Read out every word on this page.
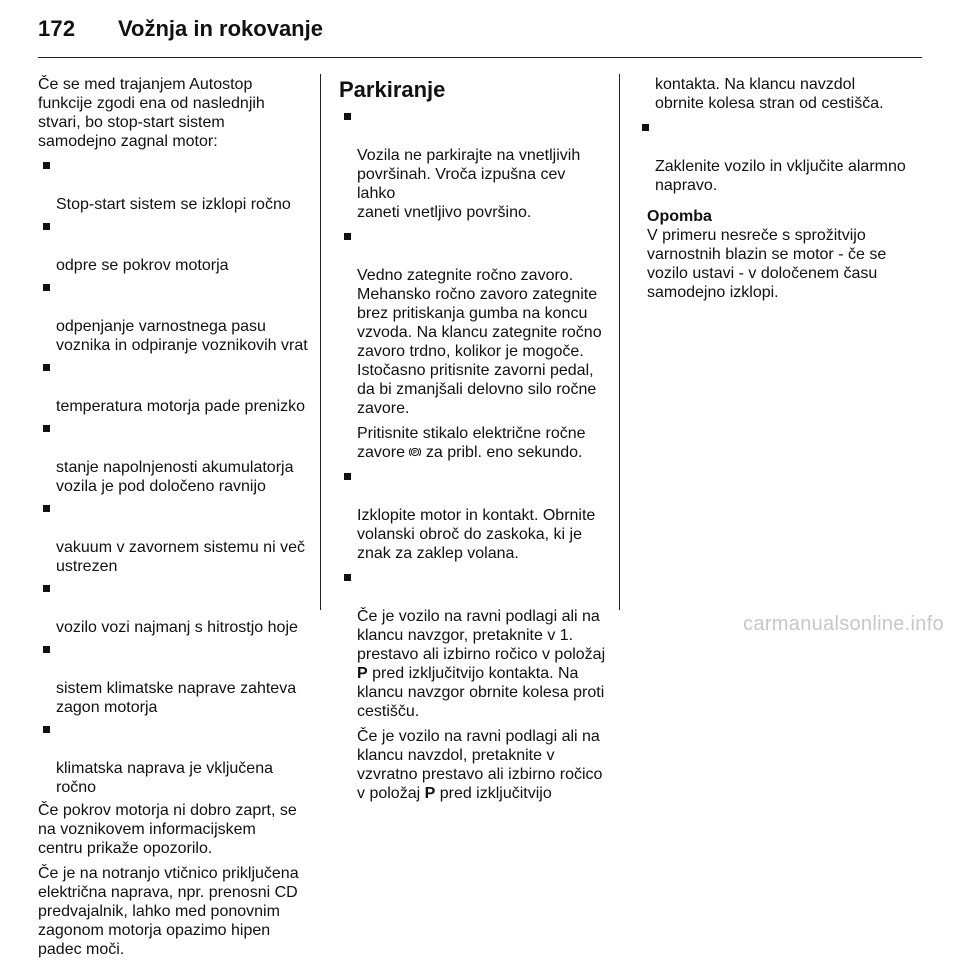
172 Vožnja in rokovanje

Če se med trajanjem Autostop
funkcije zgodi ena od naslednjih
stvari, bo stop-start sistem
samodejno zagnal motor:

Stop-start sistem se izklopi ročno

odpre se pokrov motorja

odpenjanje varnostnega pasu
voznika in odpiranje voznikovih vrat

temperatura motorja pade prenizko

stanje napolnjenosti akumulatorja
vozila je pod določeno ravnijo

vakuum v zavornem sistemu ni več
ustrezen

vozilo vozi najmanj s hitrostjo hoje

sistem klimatske naprave zahteva
zagon motorja

klimatska naprava je vključena
ročno

Če pokrov motorja ni dobro zaprt, se
na voznikovem informacijskem
centru prikaže opozorilo.

Če je na notranjo vtičnico priključena
električna naprava, npr. prenosni CD
predvajalnik, lahko med ponovnim
zagonom motorja opazimo hipen
padec moči.

Parkiranje

Vozila ne parkirajte na vnetljivih
površinah. Vroča izpušna cev lahko
zaneti vnetljivo površino.

Vedno zategnite ročno zavoro.
Mehansko ročno zavoro zategnite
brez pritiskanja gumba na koncu
vzvoda. Na klancu zategnite ročno
zavoro trdno, kolikor je mogoče.
Istočasno pritisnite zavorni pedal,
da bi zmanjšali delovno silo ročne
zavore.

Pritisnite stikalo električne ročne
zavore P za pribl. eno sekundo.

Izklopite motor in kontakt. Obrnite
volanski obroč do zaskoka, ki je
znak za zaklep volana.

Če je vozilo na ravni podlagi ali na
klancu navzgor, pretaknite v 1.
prestavo ali izbirno ročico v položaj
P pred izključitvijo kontakta. Na
klancu navzgor obrnite kolesa proti
cestišču.

Če je vozilo na ravni podlagi ali na
klancu navzdol, pretaknite v
vzvratno prestavo ali izbirno ročico
v položaj P pred izključitvijo

kontakta. Na klancu navzdol
obrnite kolesa stran od cestišča.

Zaklenite vozilo in vključite alarmno
napravo.

Opomba

V primeru nesreče s sprožitvijo
varnostnih blazin se motor - če se
vozilo ustavi - v določenem času
samodejno izklopi.

carmanualsonline.info
